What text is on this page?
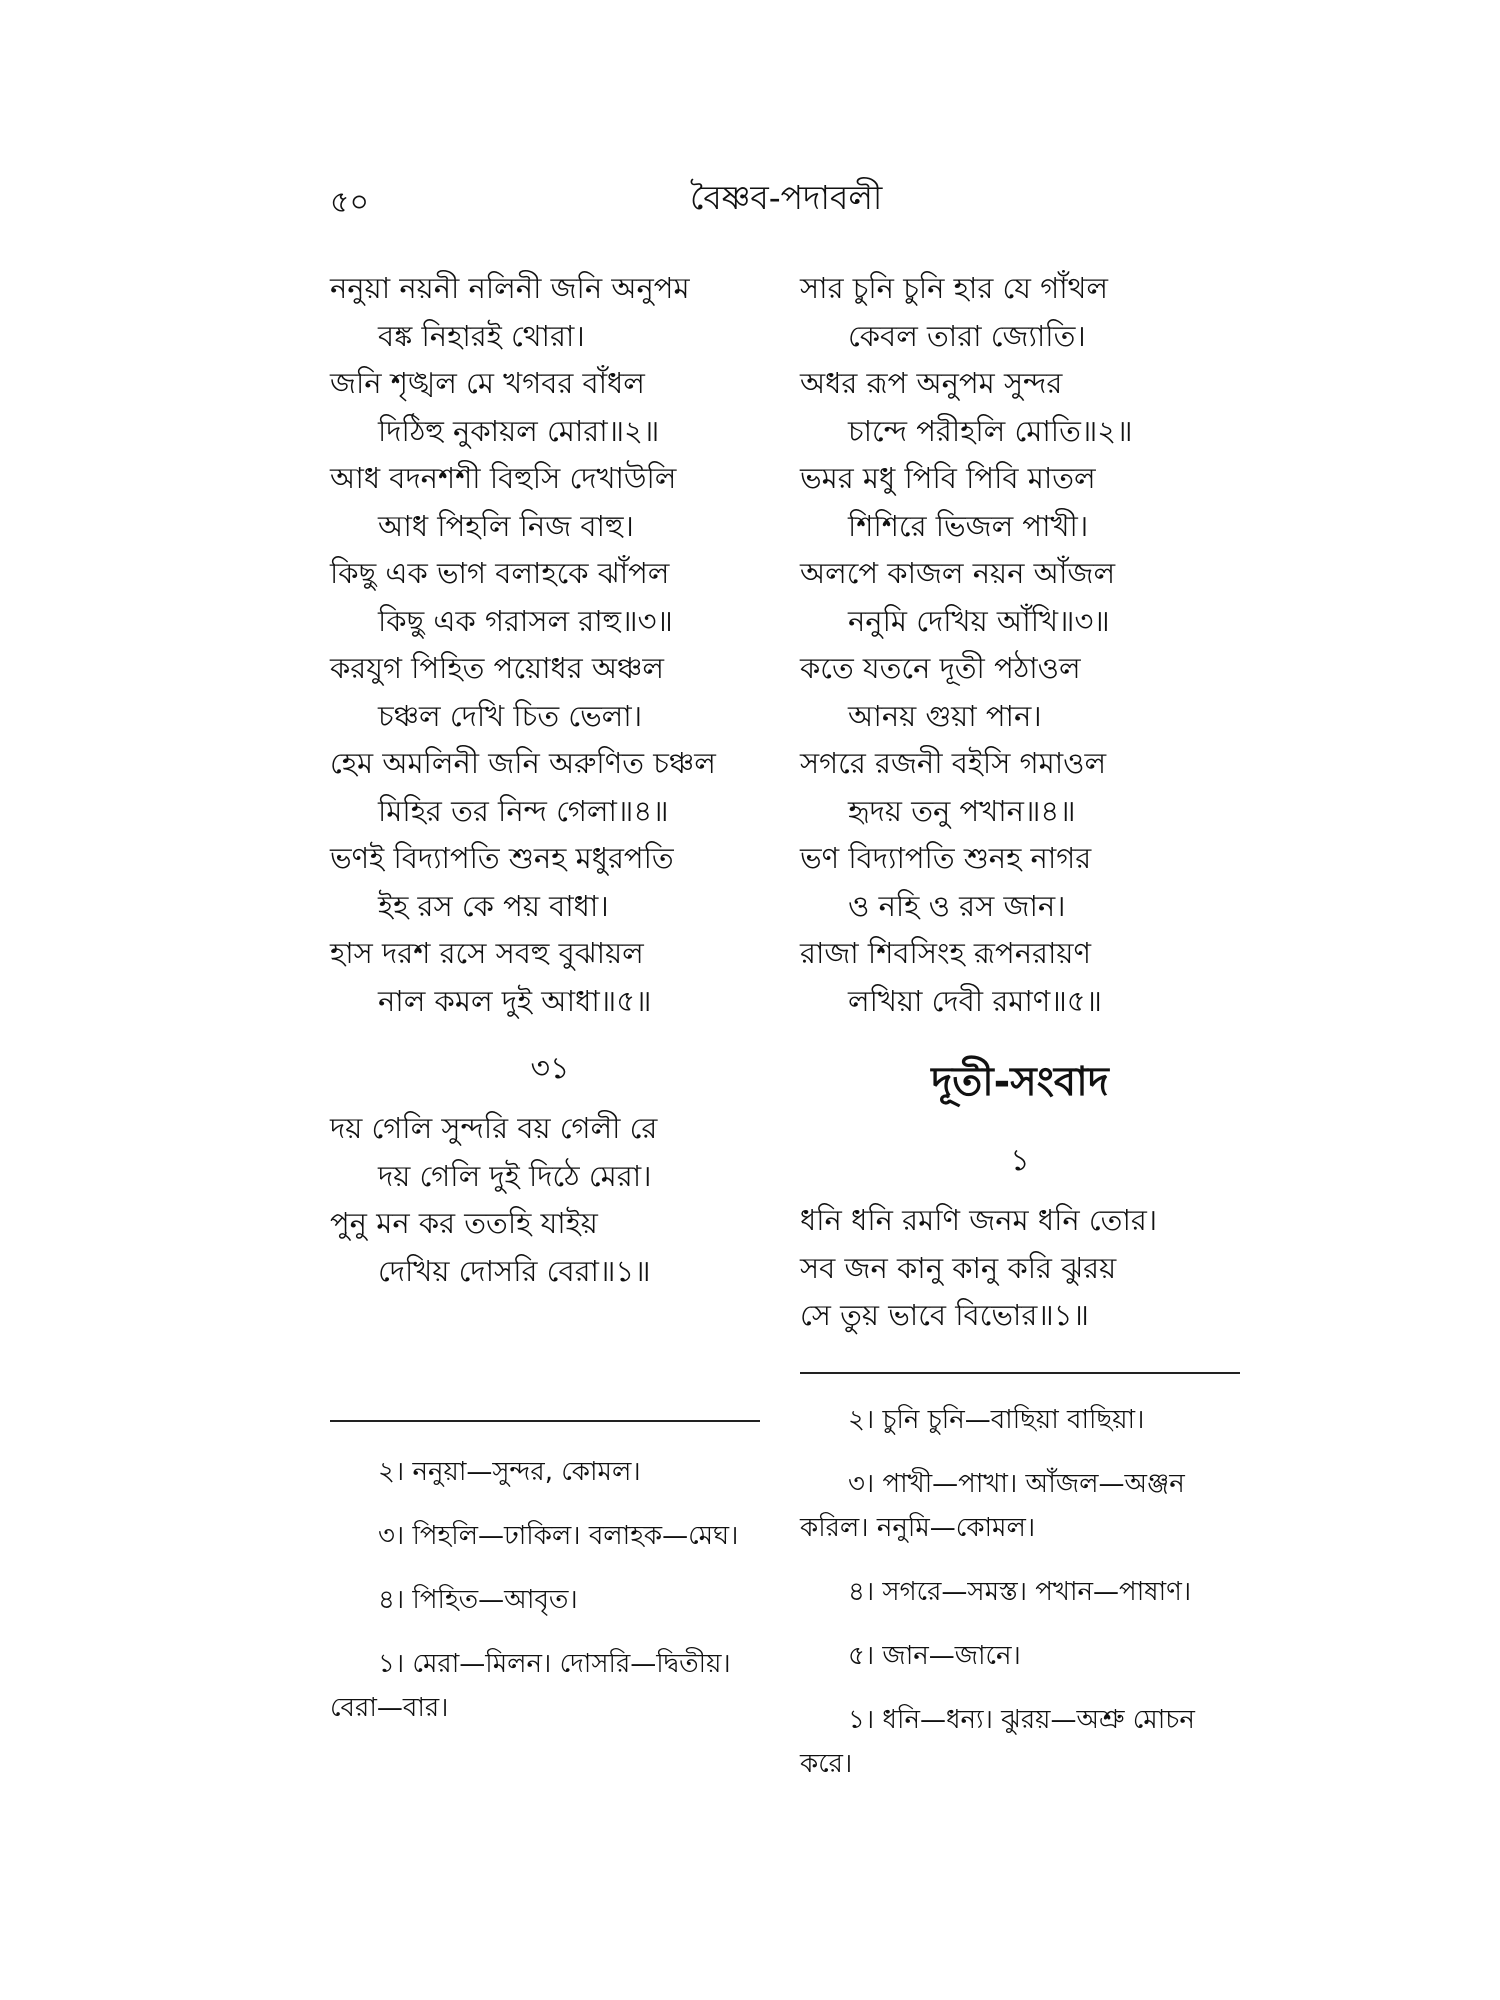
৫০	বৈষ্ণব-পদাবলী
ননুয়া নয়নী নলিনী জনি অনুপম
বঙ্ক নিহারই থোরা।
জনি শৃঙ্খল মে খগবর বাঁধল
দিঠিহু নুকায়ল মোরা॥২॥
আধ বদনশশী বিহুসি দেখাউলি
আধ পিহলি নিজ বাহু।
কিছু এক ভাগ বলাহকে ঝাঁপল
কিছু এক গরাসল রাহু॥৩॥
করযুগ পিহিত পয়োধর অঞ্চল
চঞ্চল দেখি চিত ভেলা।
হেম অমলিনী জনি অরুণিত চঞ্চল
মিহির তর নিন্দ গেলা॥৪॥
ভণই বিদ্যাপতি শুনহ মধুরপতি
ইহ রস কে পয় বাধা।
হাস দরশ রসে সবহু বুঝায়ল
নাল কমল দুই আধা॥৫॥
৩১
দয় গেলি সুন্দরি বয় গেলী রে
দয় গেলি দুই দিঠে মেরা।
পুনু মন কর ততহি যাইয়
দেখিয় দোসরি বেরা॥১॥
সার চুনি চুনি হার যে গাঁথল
কেবল তারা জ্যোতি।
অধর রূপ অনুপম সুন্দর
চান্দে পরীহলি মোতি॥২॥
ভমর মধু পিবি পিবি মাতল
শিশিরে ভিজল পাখী।
অলপে কাজল নয়ন আঁজল
ননুমি দেখিয় আঁখি॥৩॥
কতে যতনে দূতী পঠাওল
আনয় গুয়া পান।
সগরে রজনী বইসি গমাওল
হৃদয় তনু পখান॥৪॥
ভণ বিদ্যাপতি শুনহ নাগর
ও নহি ও রস জান।
রাজা শিবসিংহ রূপনরায়ণ
লখিয়া দেবী রমাণ॥৫॥
দূতী-সংবাদ
১
ধনি ধনি রমণি জনম ধনি তোর।
সব জন কানু কানু করি ঝুরয়
সে তুয় ভাবে বিভোর॥১॥
২। ননুয়া—সুন্দর, কোমল।
৩। পিহলি—ঢাকিল। বলাহক—মেঘ।
৪। পিহিত—আবৃত।
১। মেরা—মিলন। দোসরি—দ্বিতীয়। বেরা—বার।
২। চুনি চুনি—বাছিয়া বাছিয়া।
৩। পাখী—পাখা। আঁজল—অঞ্জন করিল। ননুমি—কোমল।
৪। সগরে—সমস্ত। পখান—পাষাণ।
৫। জান—জানে।
১। ধনি—ধন্য। ঝুরয়—অশ্রু মোচন করে।
